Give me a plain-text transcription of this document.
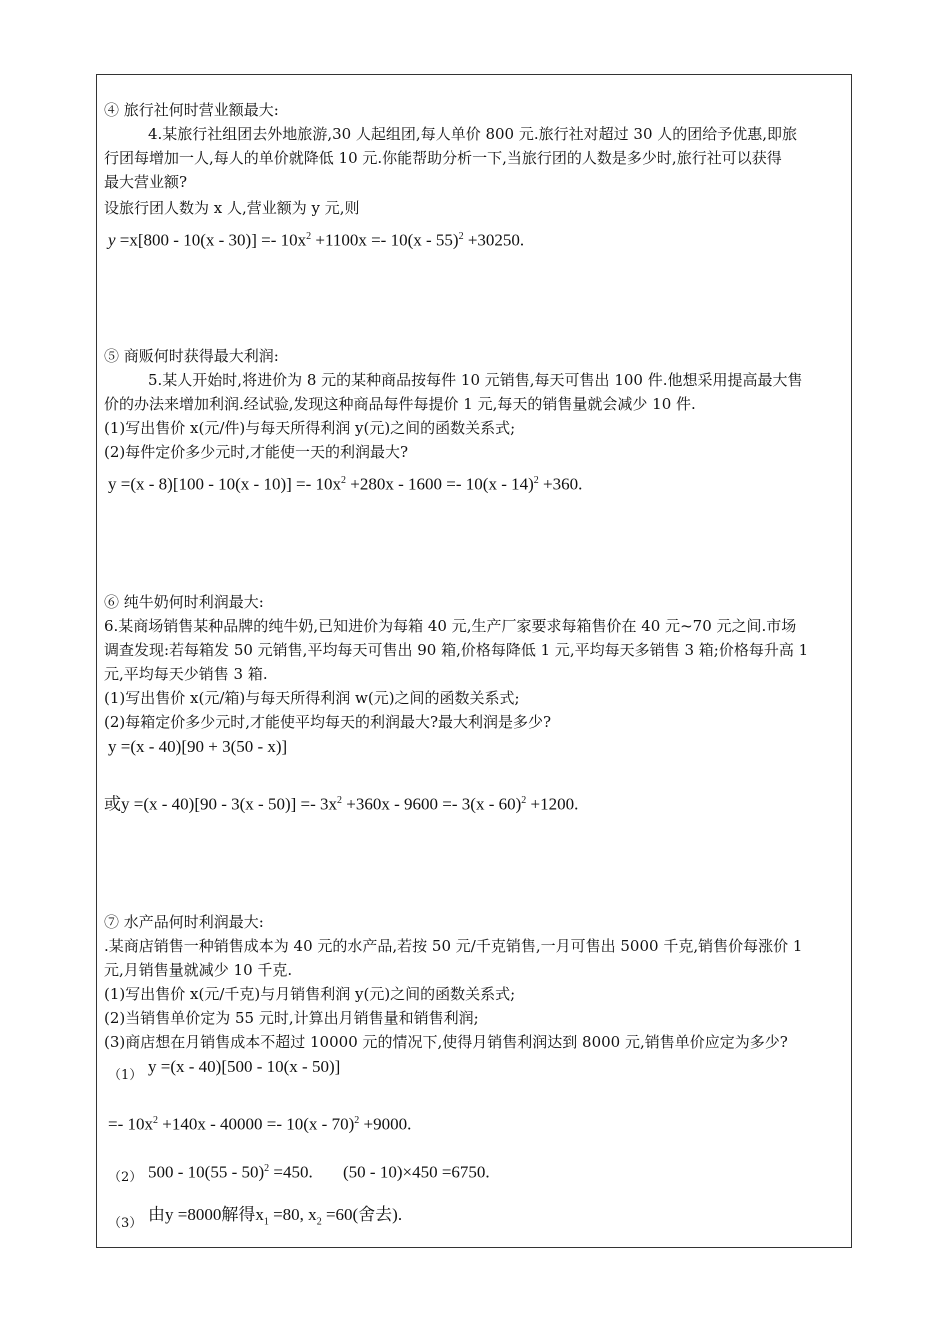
④ 旅行社何时营业额最大:
4.某旅行社组团去外地旅游,30 人起组团,每人单价 800 元.旅行社对超过 30 人的团给予优惠,即旅
行团每增加一人,每人的单价就降低 10 元.你能帮助分析一下,当旅行团的人数是多少时,旅行社可以获得
最大营业额?
设旅行团人数为 x 人,营业额为 y 元,则
$y =x[800 - 10(x - 30)] =- 10x^2 +1100x =- 10(x - 55)^2 +30250$.
⑤ 商贩何时获得最大利润:
5.某人开始时,将进价为 8 元的某种商品按每件 10 元销售,每天可售出 100 件.他想采用提高最大售
价的办法来增加利润.经试验,发现这种商品每件每提价 1 元,每天的销售量就会减少 10 件.
(1)写出售价 x(元/件)与每天所得利润 y(元)之间的函数关系式;
(2)每件定价多少元时,才能使一天的利润最大?
$y =(x - 8)[100 - 10(x - 10)] =- 10x^2 +280x - 1600 =- 10(x - 14)^2 +360$.
⑥ 纯牛奶何时利润最大:
6.某商场销售某种品牌的纯牛奶,已知进价为每箱 40 元,生产厂家要求每箱售价在 40 元~70 元之间.市场
调查发现:若每箱发 50 元销售,平均每天可售出 90 箱,价格每降低 1 元,平均每天多销售 3 箱;价格每升高 1
元,平均每天少销售 3 箱.
(1)写出售价 x(元/箱)与每天所得利润 w(元)之间的函数关系式;
(2)每箱定价多少元时,才能使平均每天的利润最大?最大利润是多少?
y =(x - 40)[90 + 3(50 - x)]
或$y =(x - 40)[90 - 3(x - 50)] =- 3x^2 +360x - 9600 =- 3(x - 60)^2 +1200$.
⑦ 水产品何时利润最大:
.某商店销售一种销售成本为 40 元的水产品,若按 50 元/千克销售,一月可售出 5000 千克,销售价每涨价 1
元,月销售量就减少 10 千克.
(1)写出售价 x(元/千克)与月销售利润 y(元)之间的函数关系式;
(2)当销售单价定为 55 元时,计算出月销售量和销售利润;
(3)商店想在月销售成本不超过 10000 元的情况下,使得月销售利润达到 8000 元,销售单价应定为多少?
（1） y =(x - 40)[500 - 10(x - 50)]
=- $10x^2 +140x - 40000 =- 10(x - 70)^2 +9000$.
（2） 500 - 10(55 - 50)$^2$ =450. (50 - 10)×450 =6750.
（3） 由y =8000解得$x_1 =80$, $x_2 =60$(舍去).
